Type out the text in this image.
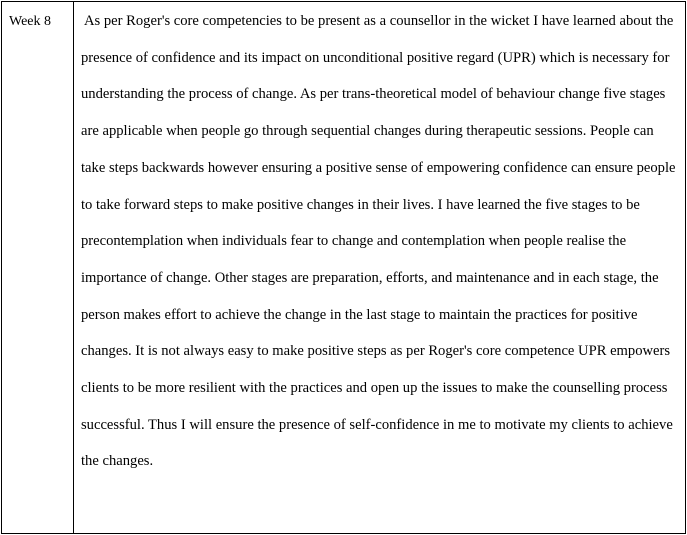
Week 8	As per Roger's core competencies to be present as a counsellor in the wicket I have learned about the presence of confidence and its impact on unconditional positive regard (UPR) which is necessary for understanding the process of change. As per trans-theoretical model of behaviour change five stages are applicable when people go through sequential changes during therapeutic sessions. People can take steps backwards however ensuring a positive sense of empowering confidence can ensure people to take forward steps to make positive changes in their lives. I have learned the five stages to be precontemplation when individuals fear to change and contemplation when people realise the importance of change. Other stages are preparation, efforts, and maintenance and in each stage, the person makes effort to achieve the change in the last stage to maintain the practices for positive changes. It is not always easy to make positive steps as per Roger's core competence UPR empowers clients to be more resilient with the practices and open up the issues to make the counselling process successful. Thus I will ensure the presence of self-confidence in me to motivate my clients to achieve the changes.
